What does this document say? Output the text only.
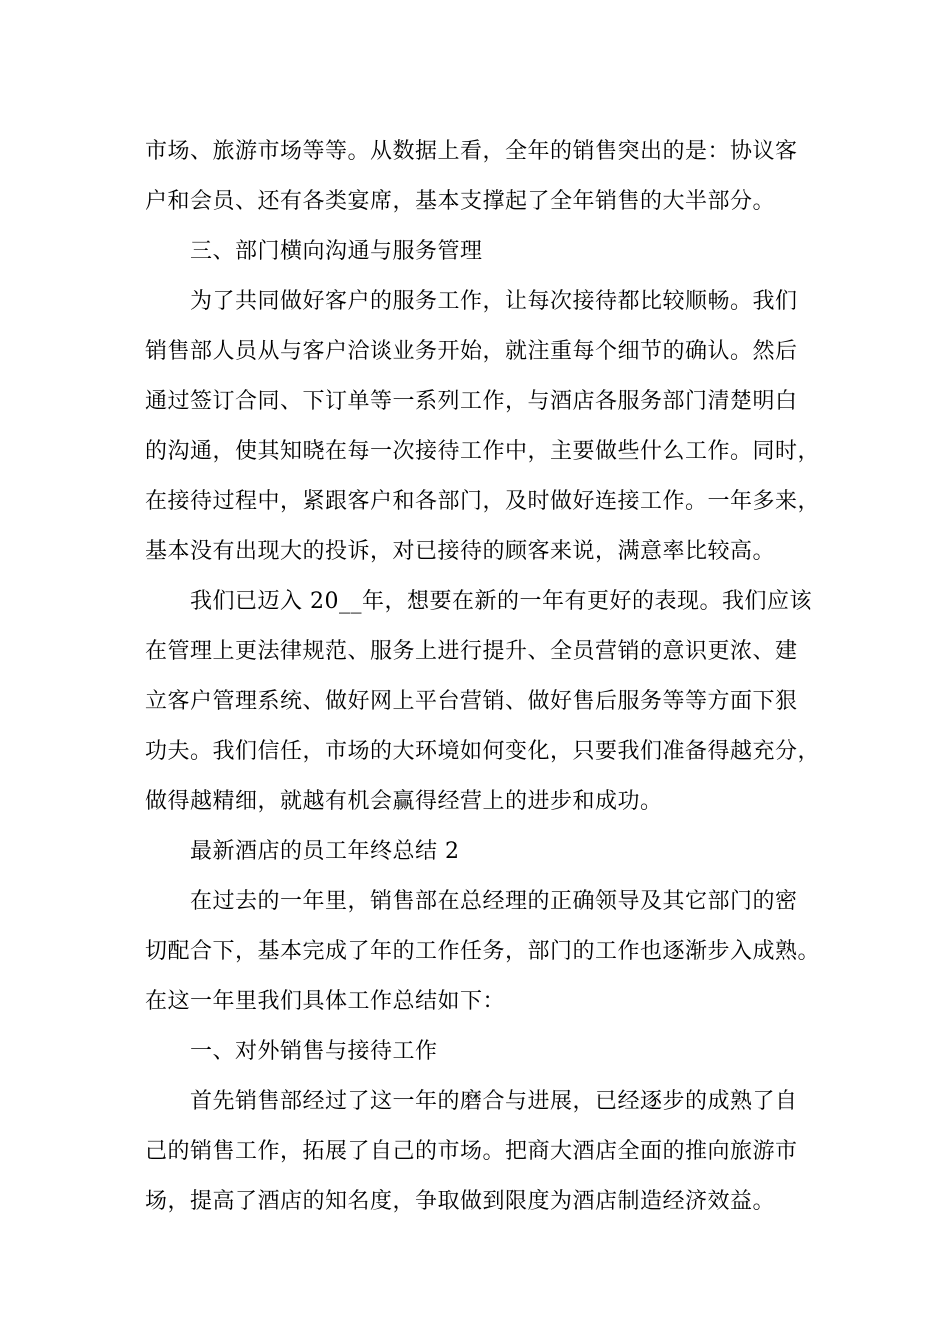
市场、旅游市场等等。从数据上看，全年的销售突出的是：协议客
户和会员、还有各类宴席，基本支撑起了全年销售的大半部分。
三、部门横向沟通与服务管理
为了共同做好客户的服务工作，让每次接待都比较顺畅。我们
销售部人员从与客户洽谈业务开始，就注重每个细节的确认。然后
通过签订合同、下订单等一系列工作，与酒店各服务部门清楚明白
的沟通，使其知晓在每一次接待工作中，主要做些什么工作。同时，
在接待过程中，紧跟客户和各部门，及时做好连接工作。一年多来，
基本没有出现大的投诉，对已接待的顾客来说，满意率比较高。
我们已迈入 20__年，想要在新的一年有更好的表现。我们应该
在管理上更法律规范、服务上进行提升、全员营销的意识更浓、建
立客户管理系统、做好网上平台营销、做好售后服务等等方面下狠
功夫。我们信任，市场的大环境如何变化，只要我们准备得越充分，
做得越精细，就越有机会赢得经营上的进步和成功。
最新酒店的员工年终总结 2
在过去的一年里，销售部在总经理的正确领导及其它部门的密
切配合下，基本完成了年的工作任务，部门的工作也逐渐步入成熟。
在这一年里我们具体工作总结如下：
一、对外销售与接待工作
首先销售部经过了这一年的磨合与进展，已经逐步的成熟了自
己的销售工作，拓展了自己的市场。把商大酒店全面的推向旅游市
场，提高了酒店的知名度，争取做到限度为酒店制造经济效益。
